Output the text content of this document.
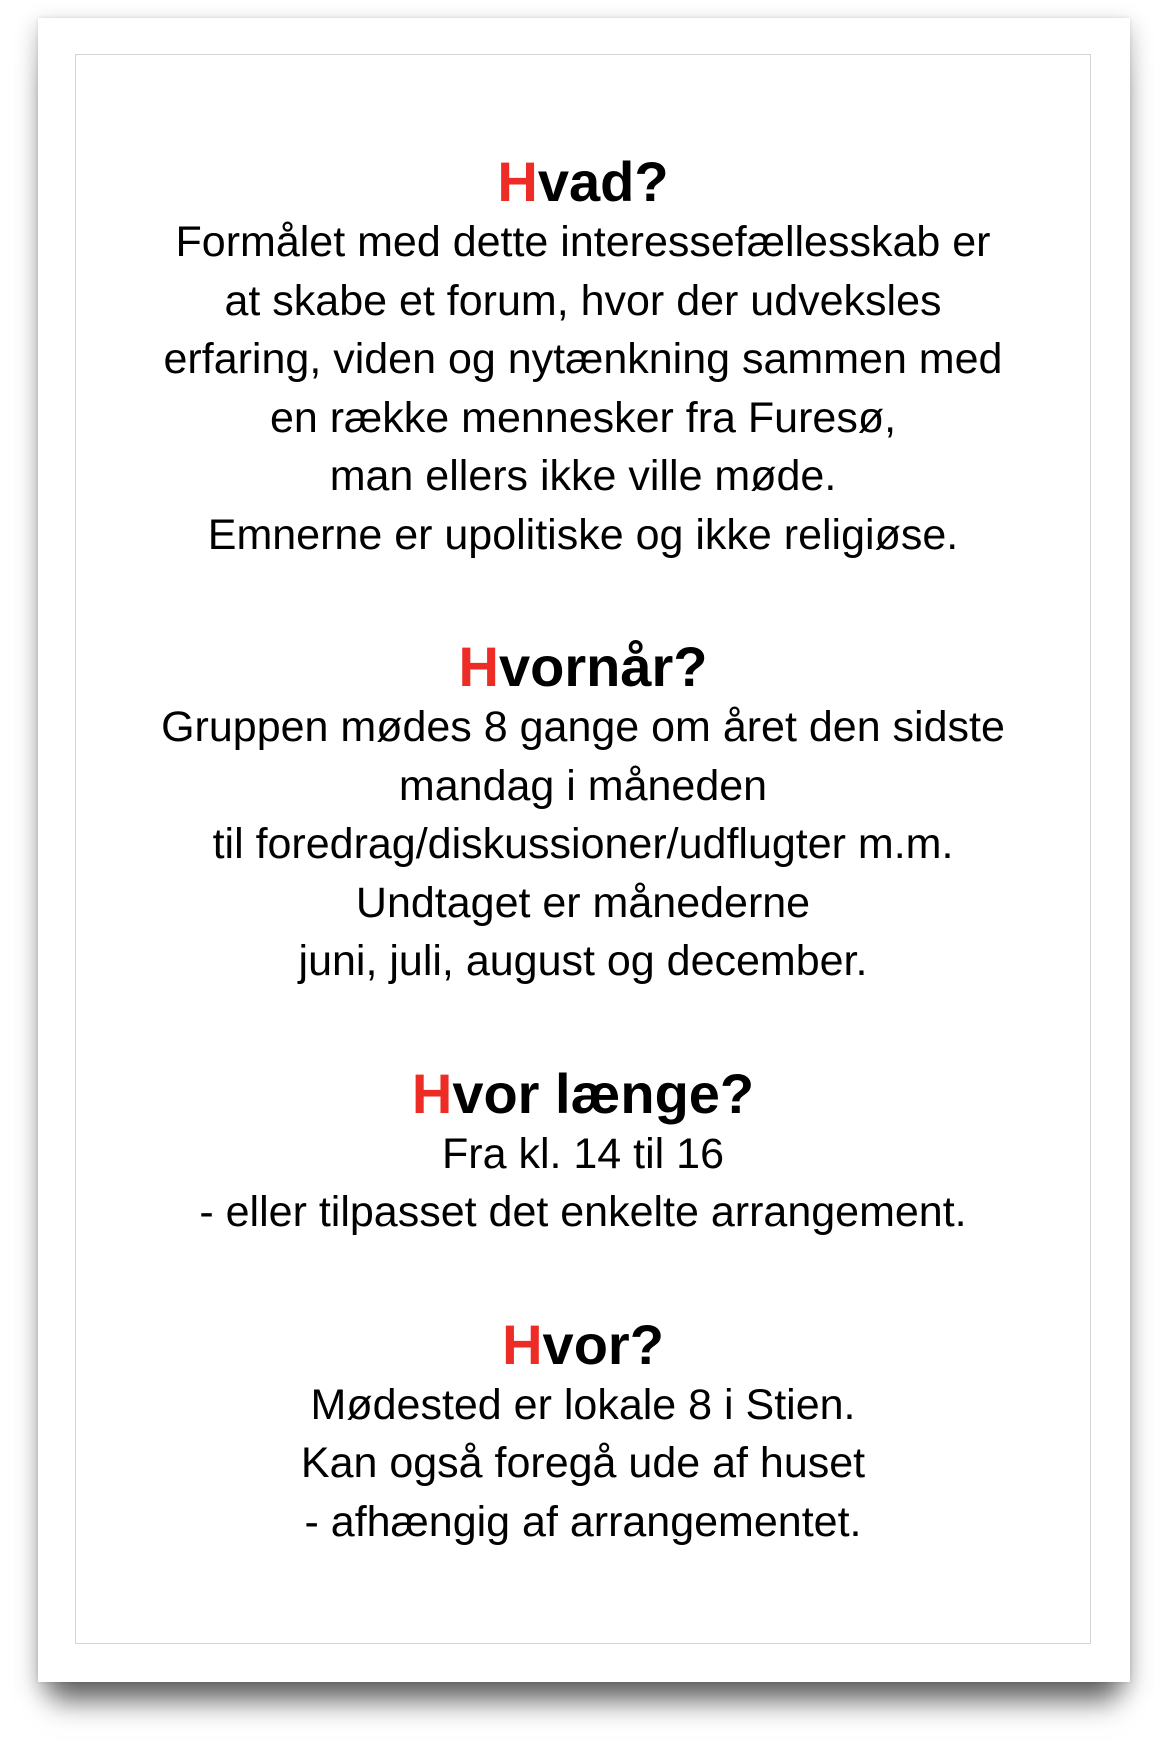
Hvad?

Formålet med dette interessefællesskab er

at skabe et forum, hvor der udveksles

erfaring, viden og nytænkning sammen med

en række mennesker fra Furesø,

man ellers ikke ville møde.

Emnerne er upolitiske og ikke religiøse.

Hvornår?

Gruppen mødes 8 gange om året den sidste

mandag i måneden

til foredrag/diskussioner/udflugter m.m.

Undtaget er månederne

juni, juli, august og december.

Hvor længe?

Fra kl. 14 til 16

- eller tilpasset det enkelte arrangement.

Hvor?

Mødested er lokale 8 i Stien.

Kan også foregå ude af huset

- afhængig af arrangementet.
